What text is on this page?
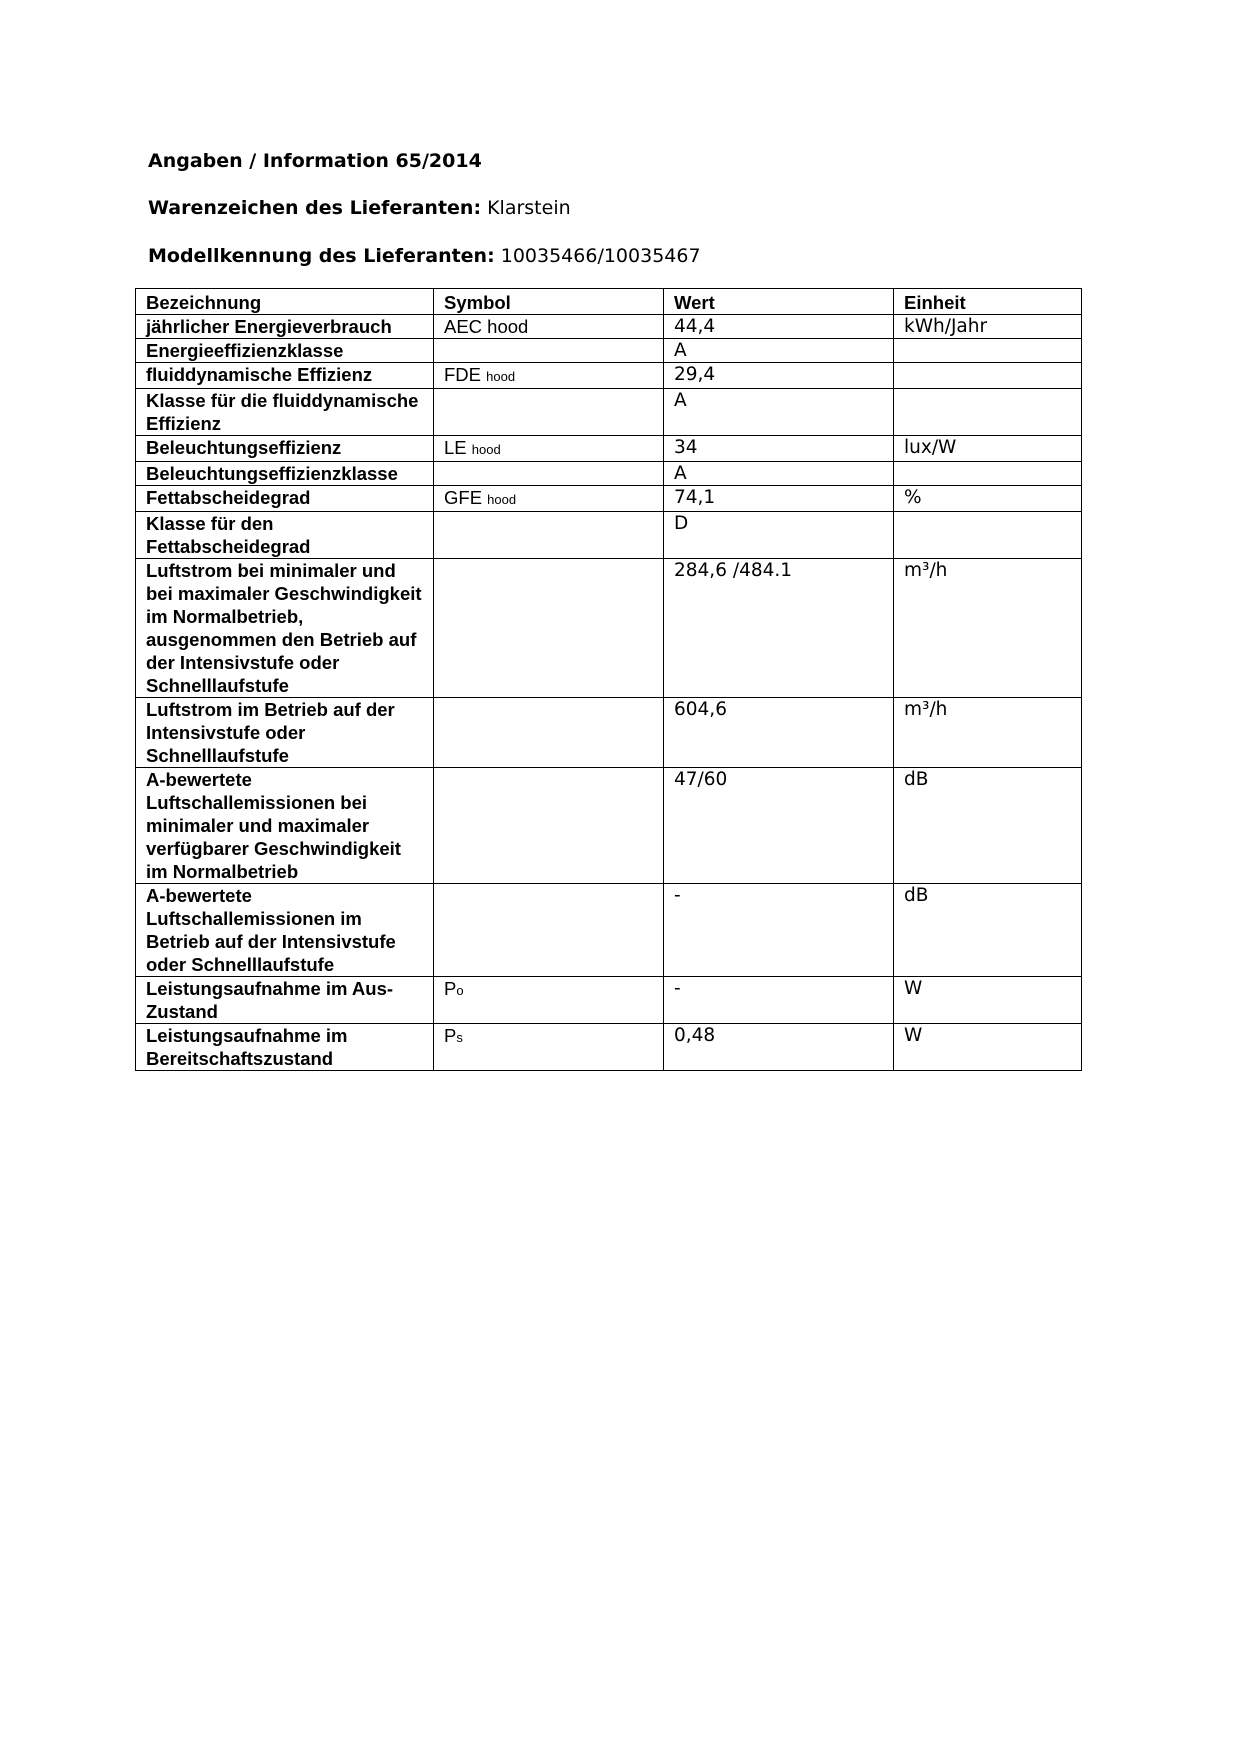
Angaben / Information 65/2014
Warenzeichen des Lieferanten: Klarstein
Modellkennung des Lieferanten: 10035466/10035467
Bezeichnung	Symbol	Wert	Einheit
jährlicher Energieverbrauch	AEC hood	44,4	kWh/Jahr
Energieeffizienzklasse		A	
fluiddynamische Effizienz	FDE hood	29,4	
Klasse für die fluiddynamische Effizienz		A	
Beleuchtungseffizienz	LE hood	34	lux/W
Beleuchtungseffizienzklasse		A	
Fettabscheidegrad	GFE hood	74,1	%
Klasse für den Fettabscheidegrad		D	
Luftstrom bei minimaler und bei maximaler Geschwindigkeit im Normalbetrieb, ausgenommen den Betrieb auf der Intensivstufe oder Schnelllaufstufe		284,6 /484.1	m³/h
Luftstrom im Betrieb auf der Intensivstufe oder Schnelllaufstufe		604,6	m³/h
A-bewertete Luftschallemissionen bei minimaler und maximaler verfügbarer Geschwindigkeit im Normalbetrieb		47/60	dB
A-bewertete Luftschallemissionen im Betrieb auf der Intensivstufe oder Schnelllaufstufe		-	dB
Leistungsaufnahme im Aus-Zustand	Po	-	W
Leistungsaufnahme im Bereitschaftszustand	Ps	0,48	W
